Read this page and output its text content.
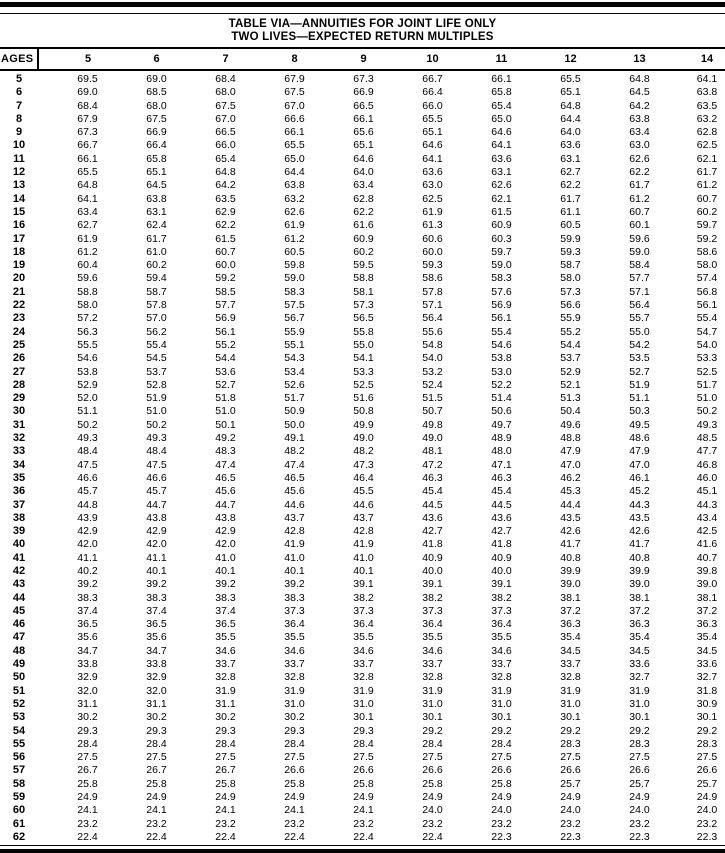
TABLE VIA—ANNUITIES FOR JOINT LIFE ONLY
TWO LIVES—EXPECTED RETURN MULTIPLES
AGES	5	6	7	8	9	10	11	12	13	14
5	69.5	69.0	68.4	67.9	67.3	66.7	66.1	65.5	64.8	64.1
6	69.0	68.5	68.0	67.5	66.9	66.4	65.8	65.1	64.5	63.8
7	68.4	68.0	67.5	67.0	66.5	66.0	65.4	64.8	64.2	63.5
8	67.9	67.5	67.0	66.6	66.1	65.5	65.0	64.4	63.8	63.2
9	67.3	66.9	66.5	66.1	65.6	65.1	64.6	64.0	63.4	62.8
10	66.7	66.4	66.0	65.5	65.1	64.6	64.1	63.6	63.0	62.5
11	66.1	65.8	65.4	65.0	64.6	64.1	63.6	63.1	62.6	62.1
12	65.5	65.1	64.8	64.4	64.0	63.6	63.1	62.7	62.2	61.7
13	64.8	64.5	64.2	63.8	63.4	63.0	62.6	62.2	61.7	61.2
14	64.1	63.8	63.5	63.2	62.8	62.5	62.1	61.7	61.2	60.7
15	63.4	63.1	62.9	62.6	62.2	61.9	61.5	61.1	60.7	60.2
16	62.7	62.4	62.2	61.9	61.6	61.3	60.9	60.5	60.1	59.7
17	61.9	61.7	61.5	61.2	60.9	60.6	60.3	59.9	59.6	59.2
18	61.2	61.0	60.7	60.5	60.2	60.0	59.7	59.3	59.0	58.6
19	60.4	60.2	60.0	59.8	59.5	59.3	59.0	58.7	58.4	58.0
20	59.6	59.4	59.2	59.0	58.8	58.6	58.3	58.0	57.7	57.4
21	58.8	58.7	58.5	58.3	58.1	57.8	57.6	57.3	57.1	56.8
22	58.0	57.8	57.7	57.5	57.3	57.1	56.9	56.6	56.4	56.1
23	57.2	57.0	56.9	56.7	56.5	56.4	56.1	55.9	55.7	55.4
24	56.3	56.2	56.1	55.9	55.8	55.6	55.4	55.2	55.0	54.7
25	55.5	55.4	55.2	55.1	55.0	54.8	54.6	54.4	54.2	54.0
26	54.6	54.5	54.4	54.3	54.1	54.0	53.8	53.7	53.5	53.3
27	53.8	53.7	53.6	53.4	53.3	53.2	53.0	52.9	52.7	52.5
28	52.9	52.8	52.7	52.6	52.5	52.4	52.2	52.1	51.9	51.7
29	52.0	51.9	51.8	51.7	51.6	51.5	51.4	51.3	51.1	51.0
30	51.1	51.0	51.0	50.9	50.8	50.7	50.6	50.4	50.3	50.2
31	50.2	50.2	50.1	50.0	49.9	49.8	49.7	49.6	49.5	49.3
32	49.3	49.3	49.2	49.1	49.0	49.0	48.9	48.8	48.6	48.5
33	48.4	48.4	48.3	48.2	48.2	48.1	48.0	47.9	47.9	47.7
34	47.5	47.5	47.4	47.4	47.3	47.2	47.1	47.0	47.0	46.8
35	46.6	46.6	46.5	46.5	46.4	46.3	46.3	46.2	46.1	46.0
36	45.7	45.7	45.6	45.6	45.5	45.4	45.4	45.3	45.2	45.1
37	44.8	44.7	44.7	44.6	44.6	44.5	44.5	44.4	44.3	44.3
38	43.9	43.8	43.8	43.7	43.7	43.6	43.6	43.5	43.5	43.4
39	42.9	42.9	42.9	42.8	42.8	42.7	42.7	42.6	42.6	42.5
40	42.0	42.0	42.0	41.9	41.9	41.8	41.8	41.7	41.7	41.6
41	41.1	41.1	41.0	41.0	41.0	40.9	40.9	40.8	40.8	40.7
42	40.2	40.1	40.1	40.1	40.1	40.0	40.0	39.9	39.9	39.8
43	39.2	39.2	39.2	39.2	39.1	39.1	39.1	39.0	39.0	39.0
44	38.3	38.3	38.3	38.3	38.2	38.2	38.2	38.1	38.1	38.1
45	37.4	37.4	37.4	37.3	37.3	37.3	37.3	37.2	37.2	37.2
46	36.5	36.5	36.5	36.4	36.4	36.4	36.4	36.3	36.3	36.3
47	35.6	35.6	35.5	35.5	35.5	35.5	35.5	35.4	35.4	35.4
48	34.7	34.7	34.6	34.6	34.6	34.6	34.6	34.5	34.5	34.5
49	33.8	33.8	33.7	33.7	33.7	33.7	33.7	33.7	33.6	33.6
50	32.9	32.9	32.8	32.8	32.8	32.8	32.8	32.8	32.7	32.7
51	32.0	32.0	31.9	31.9	31.9	31.9	31.9	31.9	31.9	31.8
52	31.1	31.1	31.1	31.0	31.0	31.0	31.0	31.0	31.0	30.9
53	30.2	30.2	30.2	30.2	30.1	30.1	30.1	30.1	30.1	30.1
54	29.3	29.3	29.3	29.3	29.3	29.2	29.2	29.2	29.2	29.2
55	28.4	28.4	28.4	28.4	28.4	28.4	28.4	28.3	28.3	28.3
56	27.5	27.5	27.5	27.5	27.5	27.5	27.5	27.5	27.5	27.5
57	26.7	26.7	26.7	26.6	26.6	26.6	26.6	26.6	26.6	26.6
58	25.8	25.8	25.8	25.8	25.8	25.8	25.8	25.7	25.7	25.7
59	24.9	24.9	24.9	24.9	24.9	24.9	24.9	24.9	24.9	24.9
60	24.1	24.1	24.1	24.1	24.1	24.0	24.0	24.0	24.0	24.0
61	23.2	23.2	23.2	23.2	23.2	23.2	23.2	23.2	23.2	23.2
62	22.4	22.4	22.4	22.4	22.4	22.4	22.3	22.3	22.3	22.3
